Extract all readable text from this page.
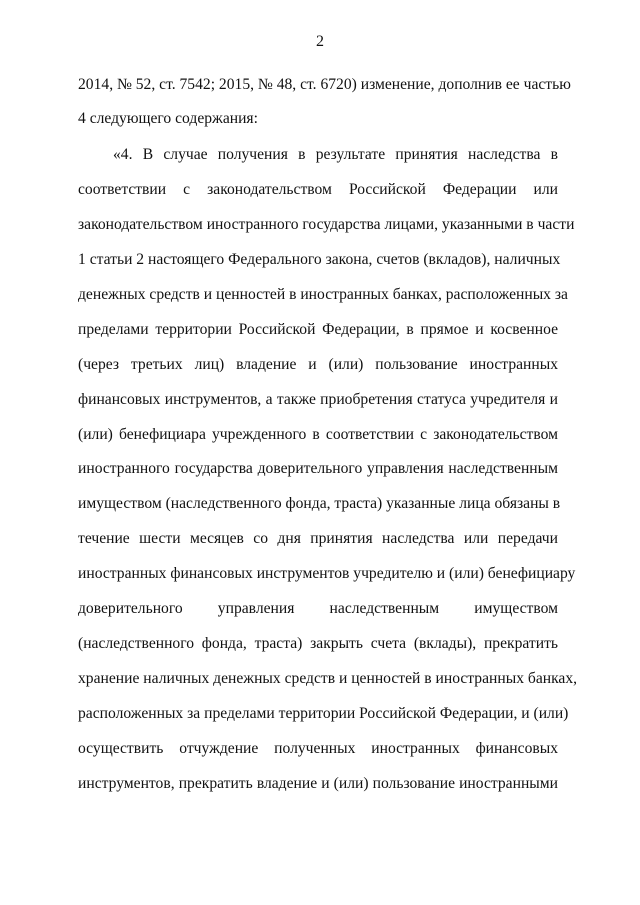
2
2014, № 52, ст. 7542; 2015, № 48, ст. 6720) изменение, дополнив ее частью
4 следующего содержания:
«4. В случае получения в результате принятия наследства в
соответствии с законодательством Российской Федерации или
законодательством иностранного государства лицами, указанными в части
1 статьи 2 настоящего Федерального закона, счетов (вкладов), наличных
денежных средств и ценностей в иностранных банках, расположенных за
пределами территории Российской Федерации, в прямое и косвенное
(через третьих лиц) владение и (или) пользование иностранных
финансовых инструментов, а также приобретения статуса учредителя и
(или) бенефициара учрежденного в соответствии с законодательством
иностранного государства доверительного управления наследственным
имуществом (наследственного фонда, траста) указанные лица обязаны в
течение шести месяцев со дня принятия наследства или передачи
иностранных финансовых инструментов учредителю и (или) бенефициару
доверительного управления наследственным имуществом
(наследственного фонда, траста) закрыть счета (вклады), прекратить
хранение наличных денежных средств и ценностей в иностранных банках,
расположенных за пределами территории Российской Федерации, и (или)
осуществить отчуждение полученных иностранных финансовых
инструментов, прекратить владение и (или) пользование иностранными
